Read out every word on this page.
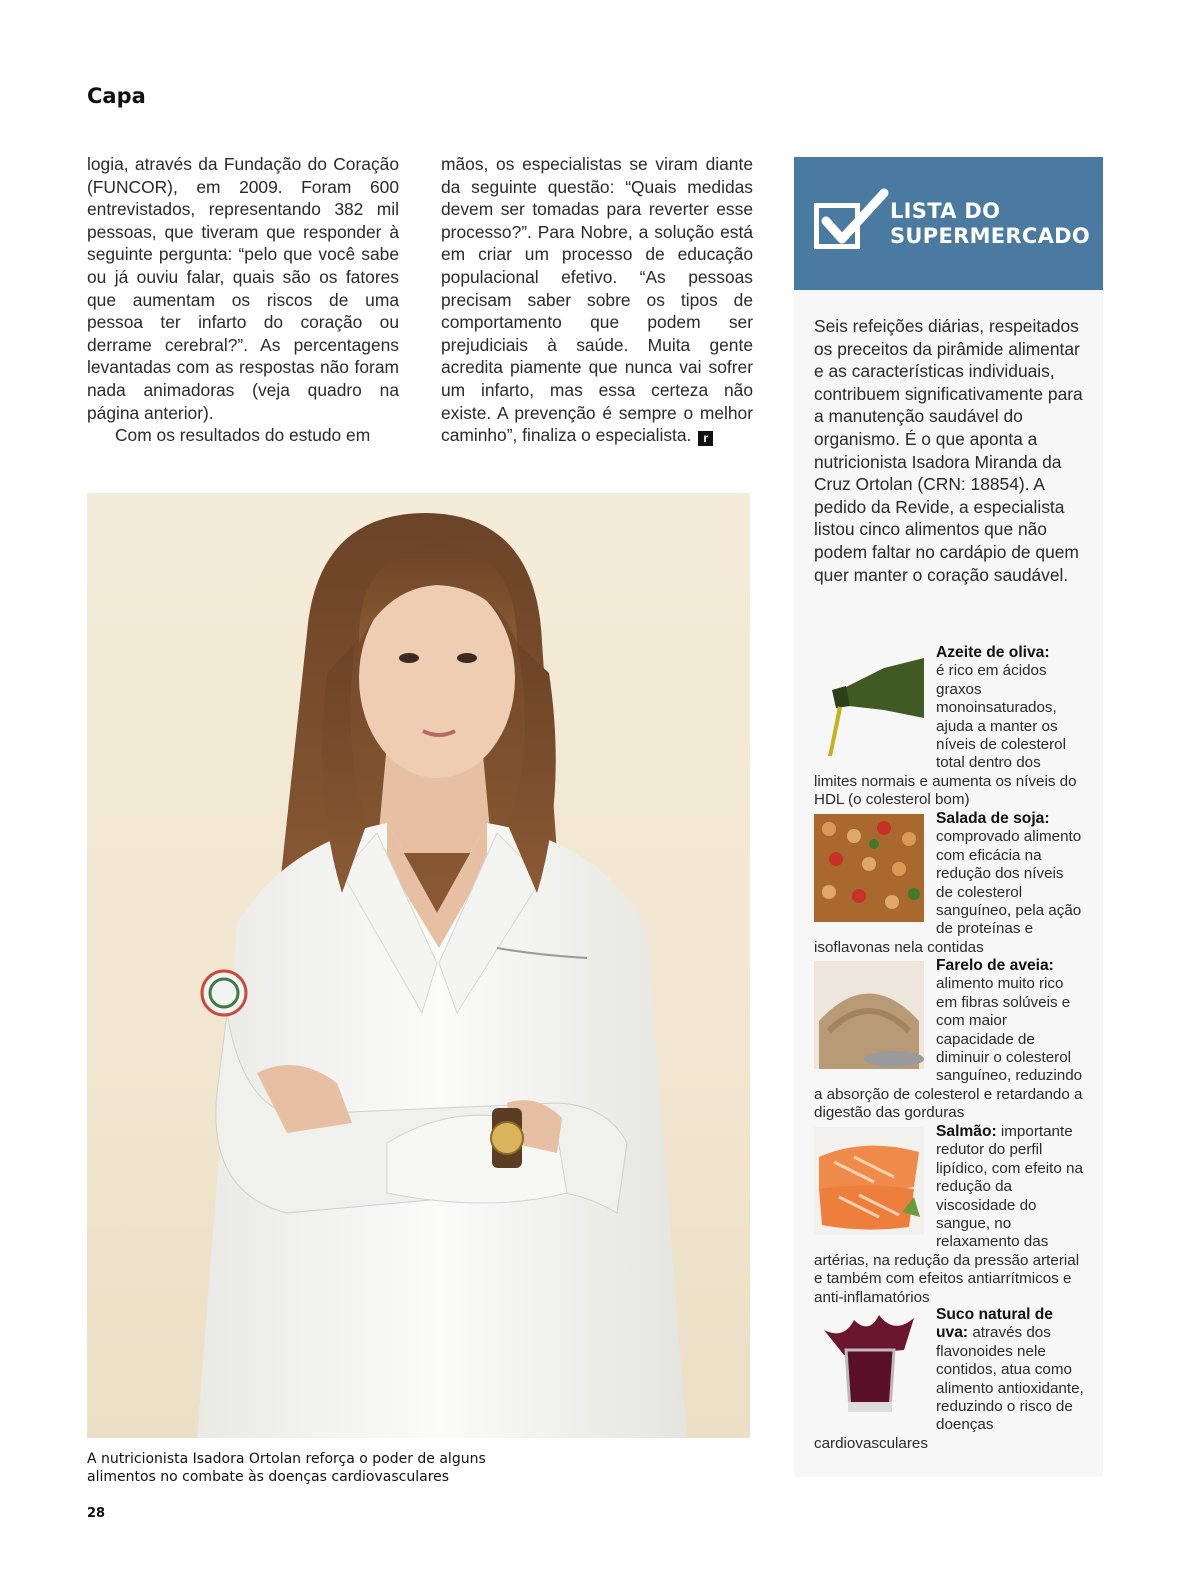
Capa

logia, através da Fundação do Coração (FUNCOR), em 2009. Foram 600 entrevistados, representando 382 mil pessoas, que tiveram que responder à seguinte pergunta: “pelo que você sabe ou já ouviu falar, quais são os fatores que aumentam os riscos de uma pessoa ter infarto do coração ou derrame cerebral?”. As percentagens levantadas com as respostas não foram nada animadoras (veja quadro na página anterior).

Com os resultados do estudo em

mãos, os especialistas se viram diante da seguinte questão: “Quais medidas devem ser tomadas para reverter esse processo?”. Para Nobre, a solução está em criar um processo de educação populacional efetivo. “As pessoas precisam saber sobre os tipos de comportamento que podem ser prejudiciais à saúde. Muita gente acredita piamente que nunca vai sofrer um infarto, mas essa certeza não existe. A prevenção é sempre o melhor caminho”, finaliza o especialista. r

A nutricionista Isadora Ortolan reforça o poder de alguns alimentos no combate às doenças cardiovasculares
28
LISTA DO
SUPERMERCADO
Seis refeições diárias, respeitados os preceitos da pirâmide alimentar e as características individuais, contribuem significativamente para a manutenção saudável do organismo. É o que aponta a nutricionista Isadora Miranda da Cruz Ortolan (CRN: 18854). A pedido da Revide, a especialista listou cinco alimentos que não podem faltar no cardápio de quem quer manter o coração saudável.
Azeite de oliva:
é rico em ácidos graxos monoinsaturados, ajuda a manter os níveis de colesterol total dentro dos limites normais e aumenta os níveis do HDL (o colesterol bom)
Salada de soja:
comprovado alimento com eficácia na redução dos níveis de colesterol sanguíneo, pela ação de proteínas e isoflavonas nela contidas
Farelo de aveia:
alimento muito rico em fibras solúveis e com maior capacidade de diminuir o colesterol sanguíneo, reduzindo a absorção de colesterol e retardando a digestão das gorduras
Salmão: importante redutor do perfil lipídico, com efeito na redução da viscosidade do sangue, no relaxamento das artérias, na redução da pressão arterial e também com efeitos antiarrítmicos e anti-inflamatórios
Suco natural de uva: através dos flavonoides nele contidos, atua como alimento antioxidante, reduzindo o risco de doenças cardiovasculares
